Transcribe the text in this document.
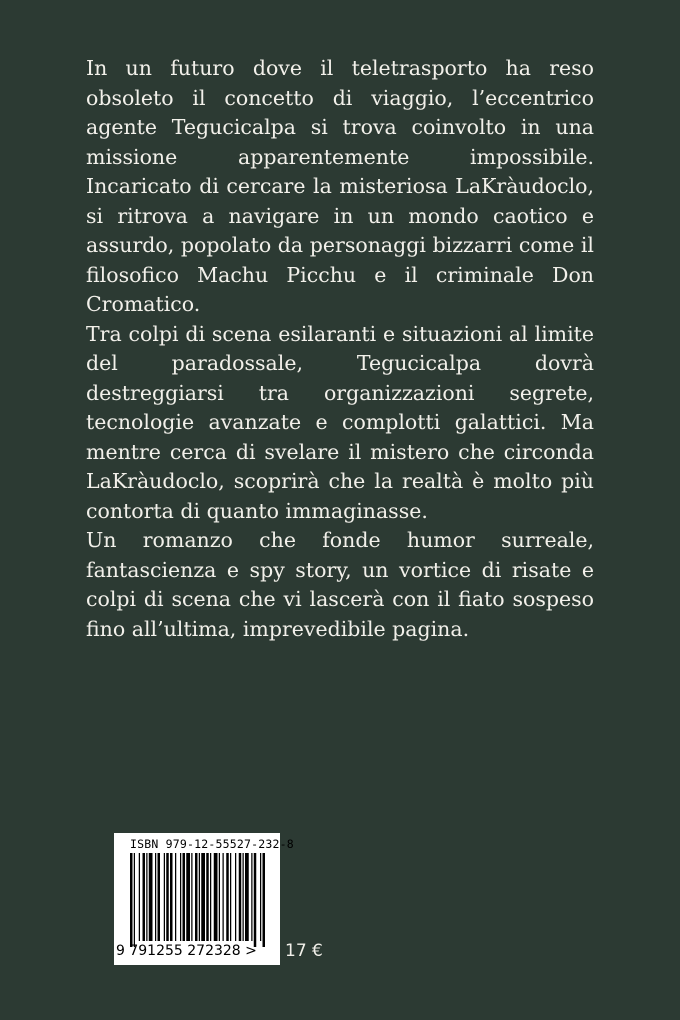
In un futuro dove il teletrasporto ha reso obsoleto il concetto di viaggio, l’eccentrico agente Tegucicalpa si trova coinvolto in una missione apparentemente impossibile. Incaricato di cercare la misteriosa LaKràudoclo, si ritrova a navigare in un mondo caotico e assurdo, popolato da personaggi bizzarri come il filosofico Machu Picchu e il criminale Don Cromatico.

Tra colpi di scena esilaranti e situazioni al limite del paradossale, Tegucicalpa dovrà destreggiarsi tra organizzazioni segrete, tecnologie avanzate e complotti galattici. Ma mentre cerca di svelare il mistero che circonda LaKràudoclo, scoprirà che la realtà è molto più contorta di quanto immaginasse.

Un romanzo che fonde humor surreale, fantascienza e spy story, un vortice di risate e colpi di scena che vi lascerà con il fiato sospeso fino all’ultima, imprevedibile pagina.

ISBN 979-12-55527-232-8
9 791255 272328 > 17 €
